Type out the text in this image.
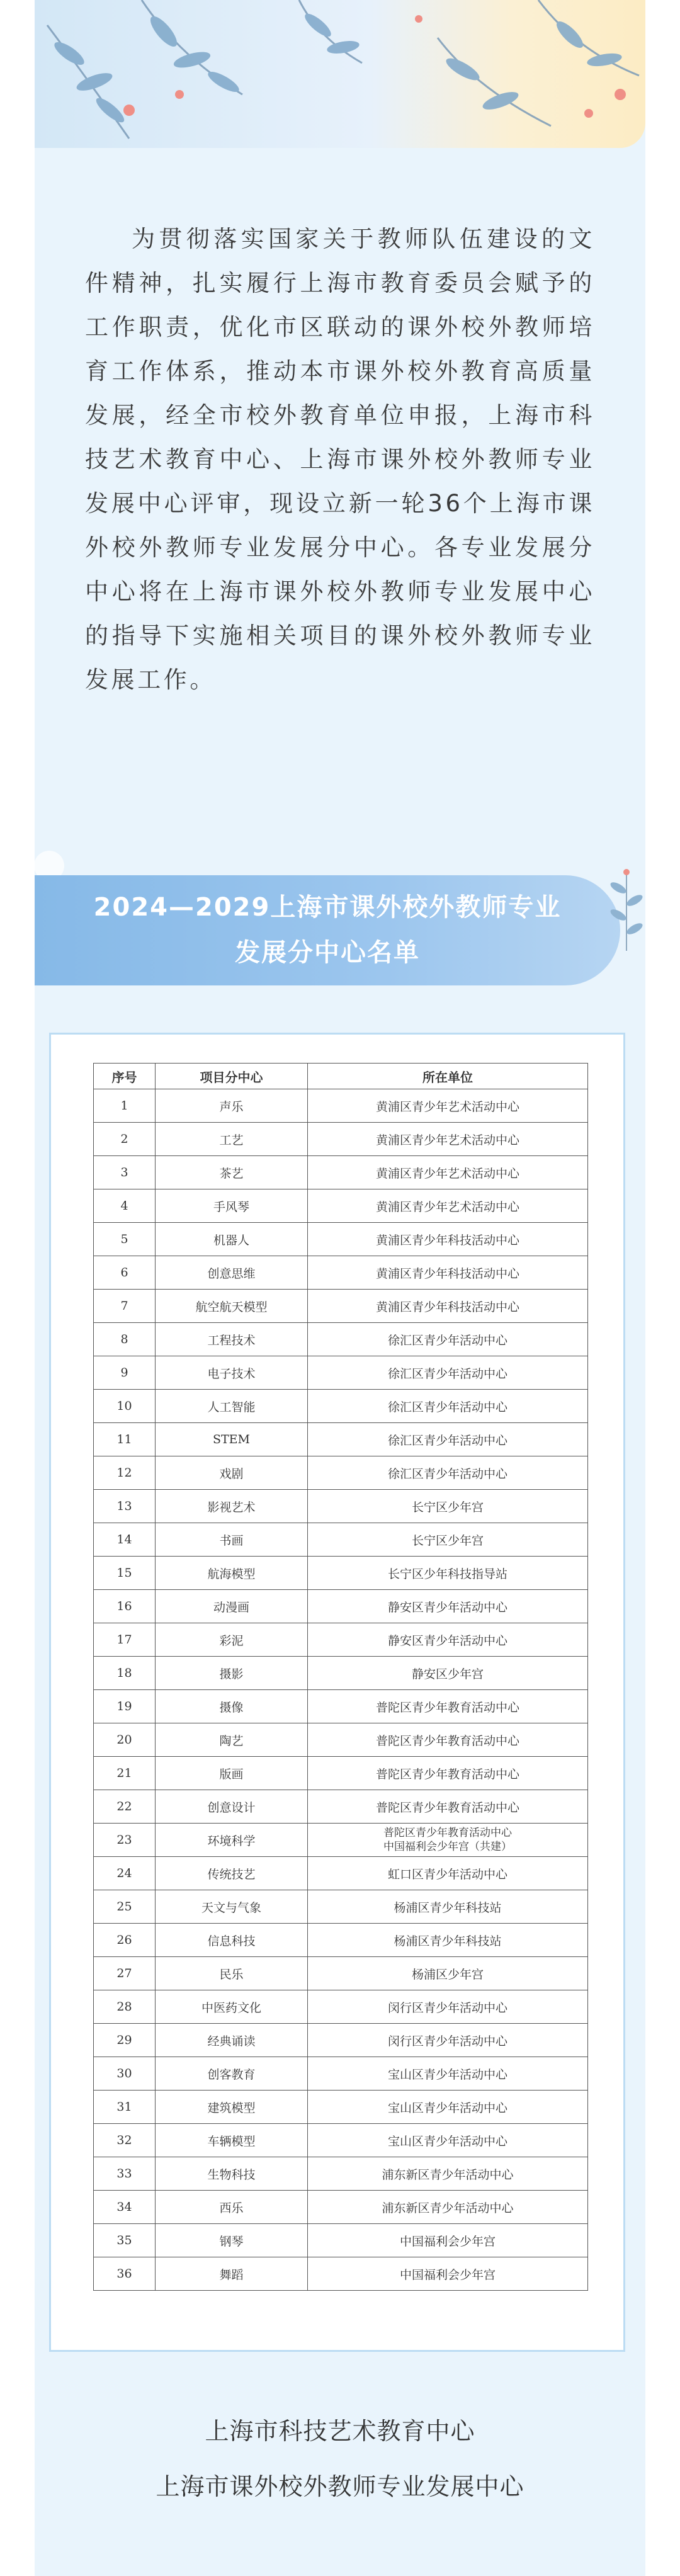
为贯彻落实国家关于教师队伍建设的文件精神，扎实履行上海市教育委员会赋予的工作职责，优化市区联动的课外校外教师培育工作体系，推动本市课外校外教育高质量发展，经全市校外教育单位申报，上海市科技艺术教育中心、上海市课外校外教师专业发展中心评审，现设立新一轮36个上海市课外校外教师专业发展分中心。各专业发展分中心将在上海市课外校外教师专业发展中心的指导下实施相关项目的课外校外教师专业发展工作。

2024—2029上海市课外校外教师专业
发展分中心名单
序号	项目分中心	所在单位
1	声乐	黄浦区青少年艺术活动中心
2	工艺	黄浦区青少年艺术活动中心
3	茶艺	黄浦区青少年艺术活动中心
4	手风琴	黄浦区青少年艺术活动中心
5	机器人	黄浦区青少年科技活动中心
6	创意思维	黄浦区青少年科技活动中心
7	航空航天模型	黄浦区青少年科技活动中心
8	工程技术	徐汇区青少年活动中心
9	电子技术	徐汇区青少年活动中心
10	人工智能	徐汇区青少年活动中心
11	STEM	徐汇区青少年活动中心
12	戏剧	徐汇区青少年活动中心
13	影视艺术	长宁区少年宫
14	书画	长宁区少年宫
15	航海模型	长宁区少年科技指导站
16	动漫画	静安区青少年活动中心
17	彩泥	静安区青少年活动中心
18	摄影	静安区少年宫
19	摄像	普陀区青少年教育活动中心
20	陶艺	普陀区青少年教育活动中心
21	版画	普陀区青少年教育活动中心
22	创意设计	普陀区青少年教育活动中心
23	环境科学	普陀区青少年教育活动中心
中国福利会少年宫（共建）

24	传统技艺	虹口区青少年活动中心
25	天文与气象	杨浦区青少年科技站
26	信息科技	杨浦区青少年科技站
27	民乐	杨浦区少年宫
28	中医药文化	闵行区青少年活动中心
29	经典诵读	闵行区青少年活动中心
30	创客教育	宝山区青少年活动中心
31	建筑模型	宝山区青少年活动中心
32	车辆模型	宝山区青少年活动中心
33	生物科技	浦东新区青少年活动中心
34	西乐	浦东新区青少年活动中心
35	钢琴	中国福利会少年宫
36	舞蹈	中国福利会少年宫

上海市科技艺术教育中心

上海市课外校外教师专业发展中心
